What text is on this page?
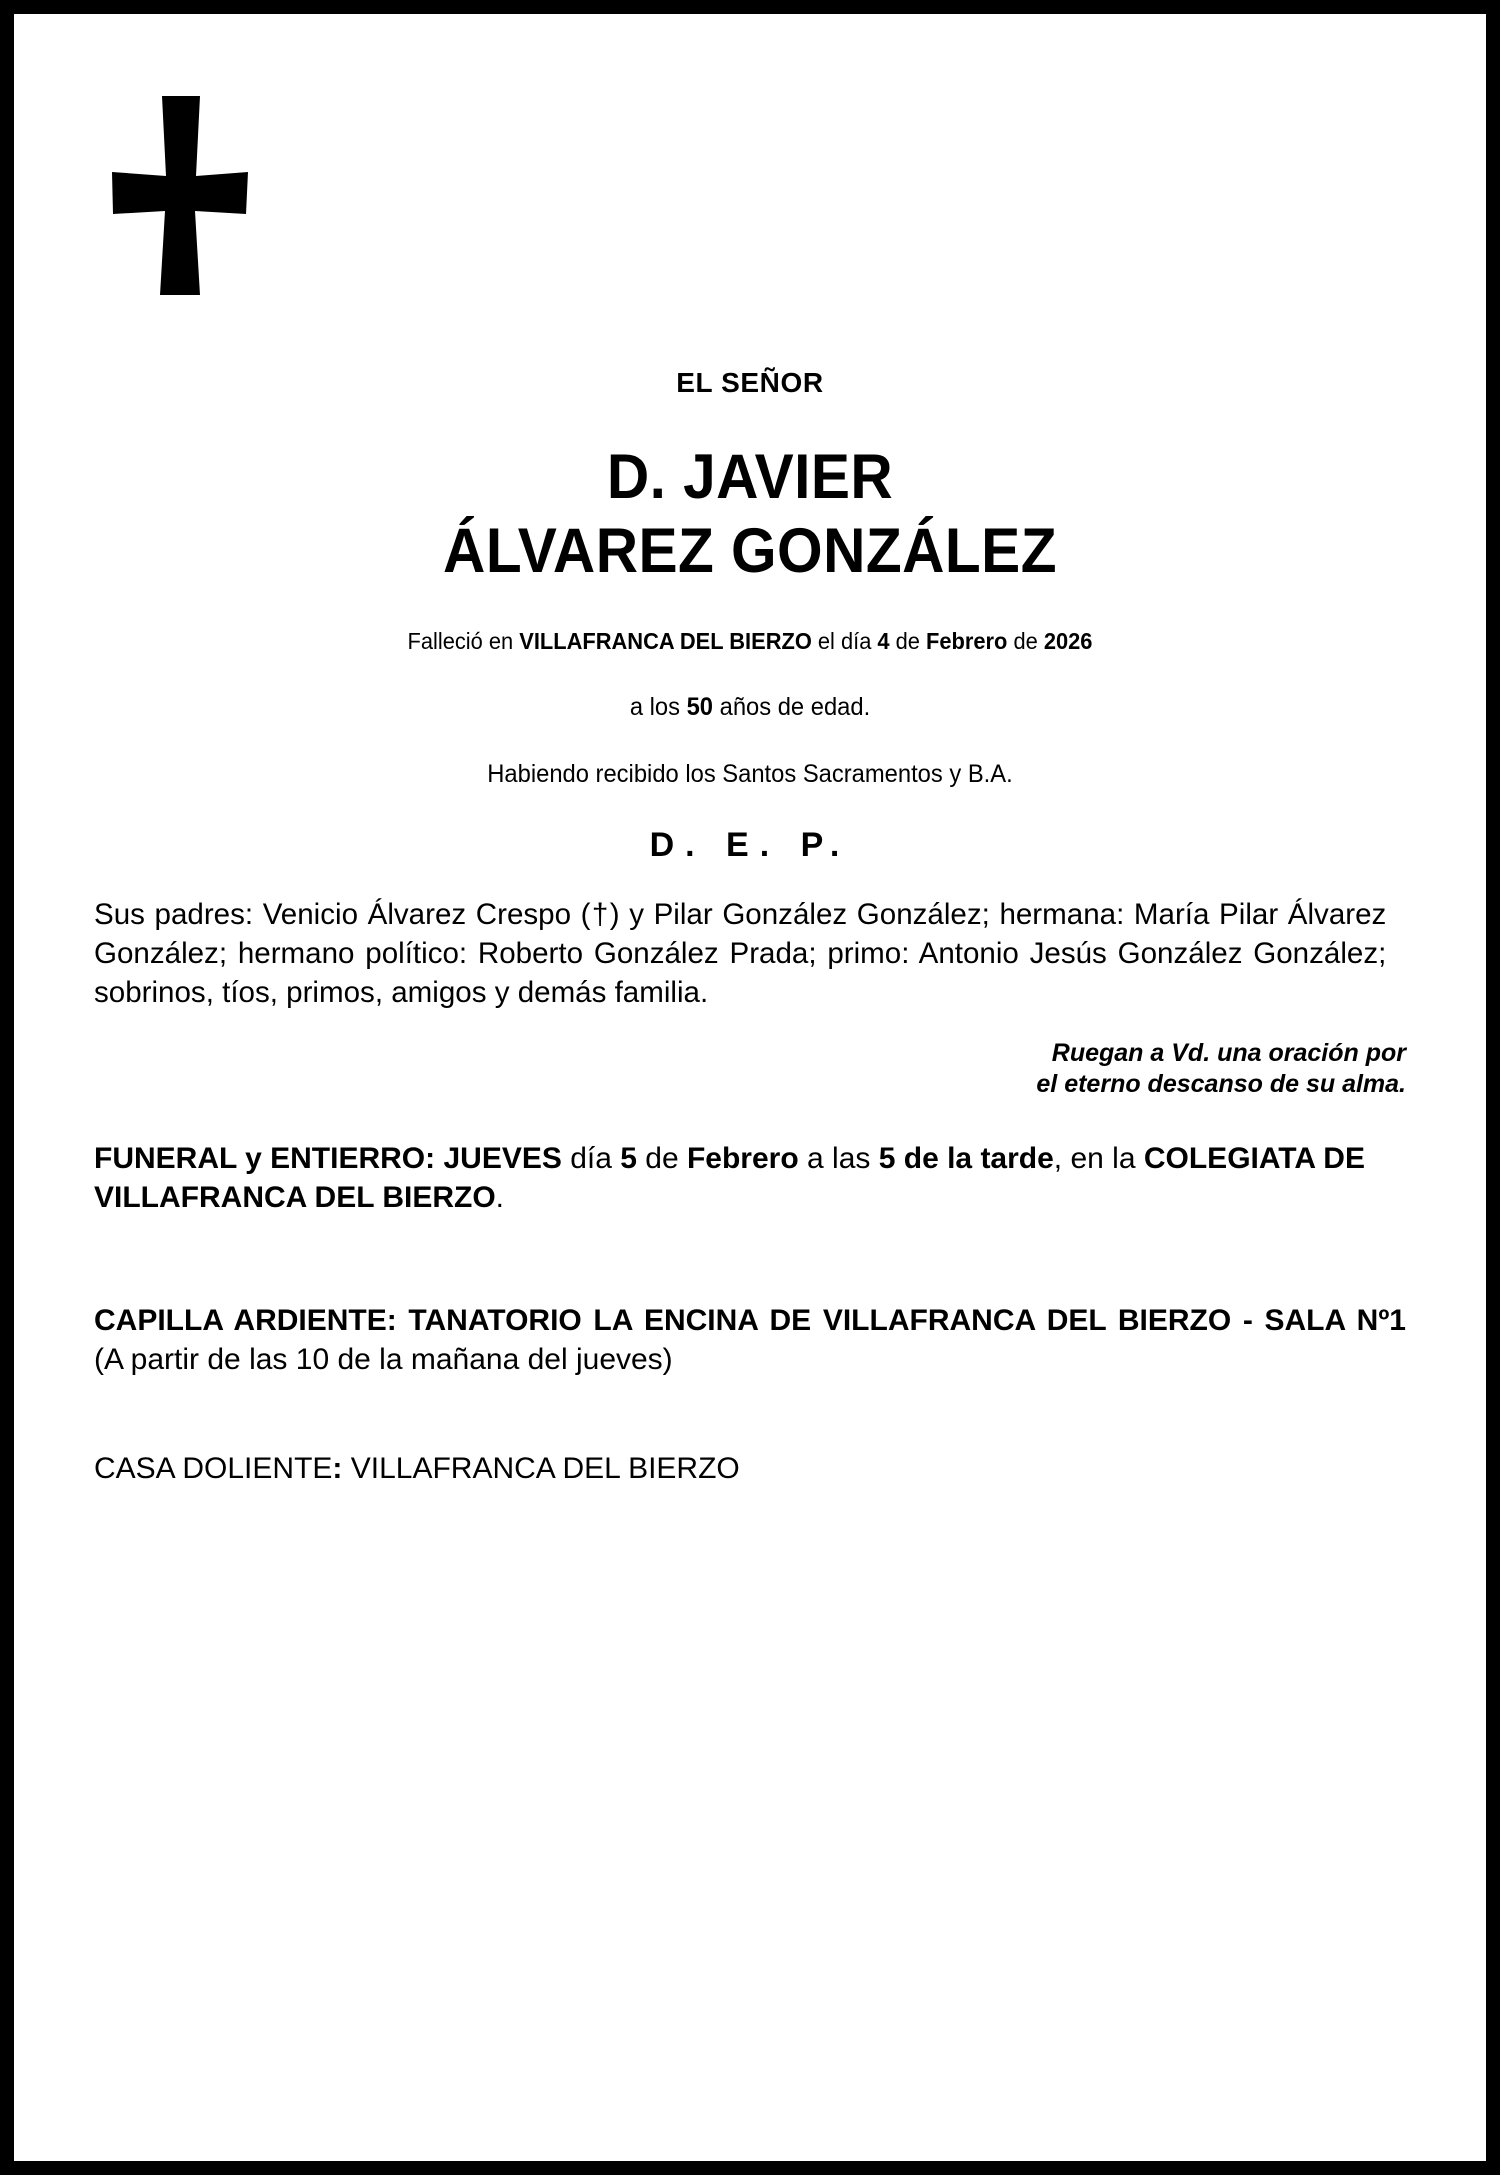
EL SEÑOR
D. JAVIER
ÁLVAREZ GONZÁLEZ
Falleció en VILLAFRANCA DEL BIERZO el día 4 de Febrero de 2026
a los 50 años de edad.
Habiendo recibido los Santos Sacramentos y B.A.
D. E. P.
Sus padres: Venicio Álvarez Crespo (†) y Pilar González González; hermana: María Pilar Álvarez González; hermano político: Roberto González Prada; primo: Antonio Jesús González González; sobrinos, tíos, primos, amigos y demás familia.
Ruegan a Vd. una oración por
el eterno descanso de su alma.
FUNERAL y ENTIERRO: JUEVES día 5 de Febrero a las 5 de la tarde, en la COLEGIATA DE VILLAFRANCA DEL BIERZO.
CAPILLA ARDIENTE: TANATORIO LA ENCINA DE VILLAFRANCA DEL BIERZO - SALA Nº1 (A partir de las 10 de la mañana del jueves)
CASA DOLIENTE: VILLAFRANCA DEL BIERZO
